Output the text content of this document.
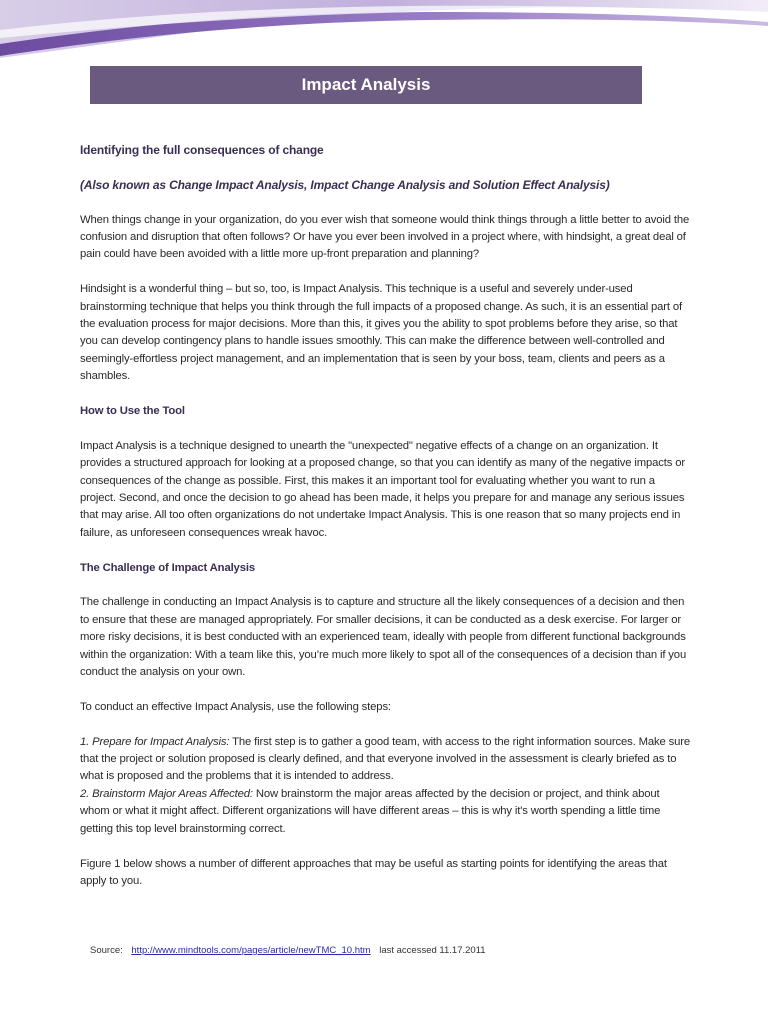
Impact Analysis

Identifying the full consequences of change

(Also known as Change Impact Analysis, Impact Change Analysis and Solution Effect Analysis)

When things change in your organization, do you ever wish that someone would think things through a little better to avoid the confusion and disruption that often follows? Or have you ever been involved in a project where, with hindsight, a great deal of pain could have been avoided with a little more up-front preparation and planning?

Hindsight is a wonderful thing – but so, too, is Impact Analysis. This technique is a useful and severely under-used brainstorming technique that helps you think through the full impacts of a proposed change. As such, it is an essential part of the evaluation process for major decisions. More than this, it gives you the ability to spot problems before they arise, so that you can develop contingency plans to handle issues smoothly. This can make the difference between well-controlled and seemingly-effortless project management, and an implementation that is seen by your boss, team, clients and peers as a shambles.

How to Use the Tool

Impact Analysis is a technique designed to unearth the "unexpected" negative effects of a change on an organization. It provides a structured approach for looking at a proposed change, so that you can identify as many of the negative impacts or consequences of the change as possible. First, this makes it an important tool for evaluating whether you want to run a project. Second, and once the decision to go ahead has been made, it helps you prepare for and manage any serious issues that may arise. All too often organizations do not undertake Impact Analysis. This is one reason that so many projects end in failure, as unforeseen consequences wreak havoc.

The Challenge of Impact Analysis

The challenge in conducting an Impact Analysis is to capture and structure all the likely consequences of a decision and then to ensure that these are managed appropriately. For smaller decisions, it can be conducted as a desk exercise. For larger or more risky decisions, it is best conducted with an experienced team, ideally with people from different functional backgrounds within the organization: With a team like this, you’re much more likely to spot all of the consequences of a decision than if you conduct the analysis on your own.

To conduct an effective Impact Analysis, use the following steps:

1. Prepare for Impact Analysis: The first step is to gather a good team, with access to the right information sources. Make sure that the project or solution proposed is clearly defined, and that everyone involved in the assessment is clearly briefed as to what is proposed and the problems that it is intended to address.

2. Brainstorm Major Areas Affected: Now brainstorm the major areas affected by the decision or project, and think about whom or what it might affect. Different organizations will have different areas – this is why it's worth spending a little time getting this top level brainstorming correct.

Figure 1 below shows a number of different approaches that may be useful as starting points for identifying the areas that apply to you.

Source: http://www.mindtools.com/pages/article/newTMC_10.htm last accessed 11.17.2011
